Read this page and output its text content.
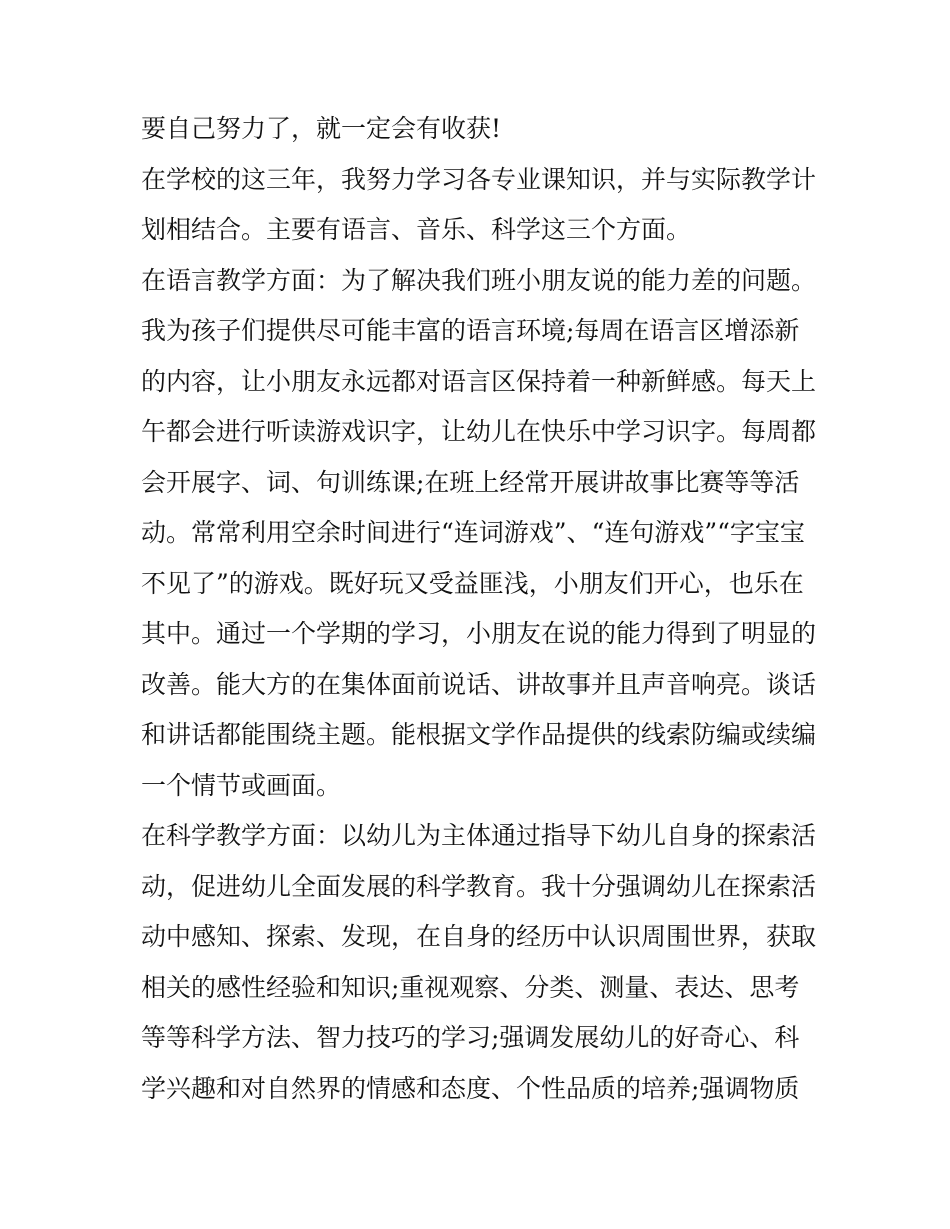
要自己努力了，就一定会有收获!
在学校的这三年，我努力学习各专业课知识，并与实际教学计
划相结合。主要有语言、音乐、科学这三个方面。
在语言教学方面：为了解决我们班小朋友说的能力差的问题。
我为孩子们提供尽可能丰富的语言环境;每周在语言区增添新
的内容，让小朋友永远都对语言区保持着一种新鲜感。每天上
午都会进行听读游戏识字，让幼儿在快乐中学习识字。每周都
会开展字、词、句训练课;在班上经常开展讲故事比赛等等活
动。常常利用空余时间进行“连词游戏”、“连句游戏”“字宝宝
不见了”的游戏。既好玩又受益匪浅，小朋友们开心，也乐在
其中。通过一个学期的学习，小朋友在说的能力得到了明显的
改善。能大方的在集体面前说话、讲故事并且声音响亮。谈话
和讲话都能围绕主题。能根据文学作品提供的线索防编或续编
一个情节或画面。
在科学教学方面：以幼儿为主体通过指导下幼儿自身的探索活
动，促进幼儿全面发展的科学教育。我十分强调幼儿在探索活
动中感知、探索、发现，在自身的经历中认识周围世界，获取
相关的感性经验和知识;重视观察、分类、测量、表达、思考
等等科学方法、智力技巧的学习;强调发展幼儿的好奇心、科
学兴趣和对自然界的情感和态度、个性品质的培养;强调物质
